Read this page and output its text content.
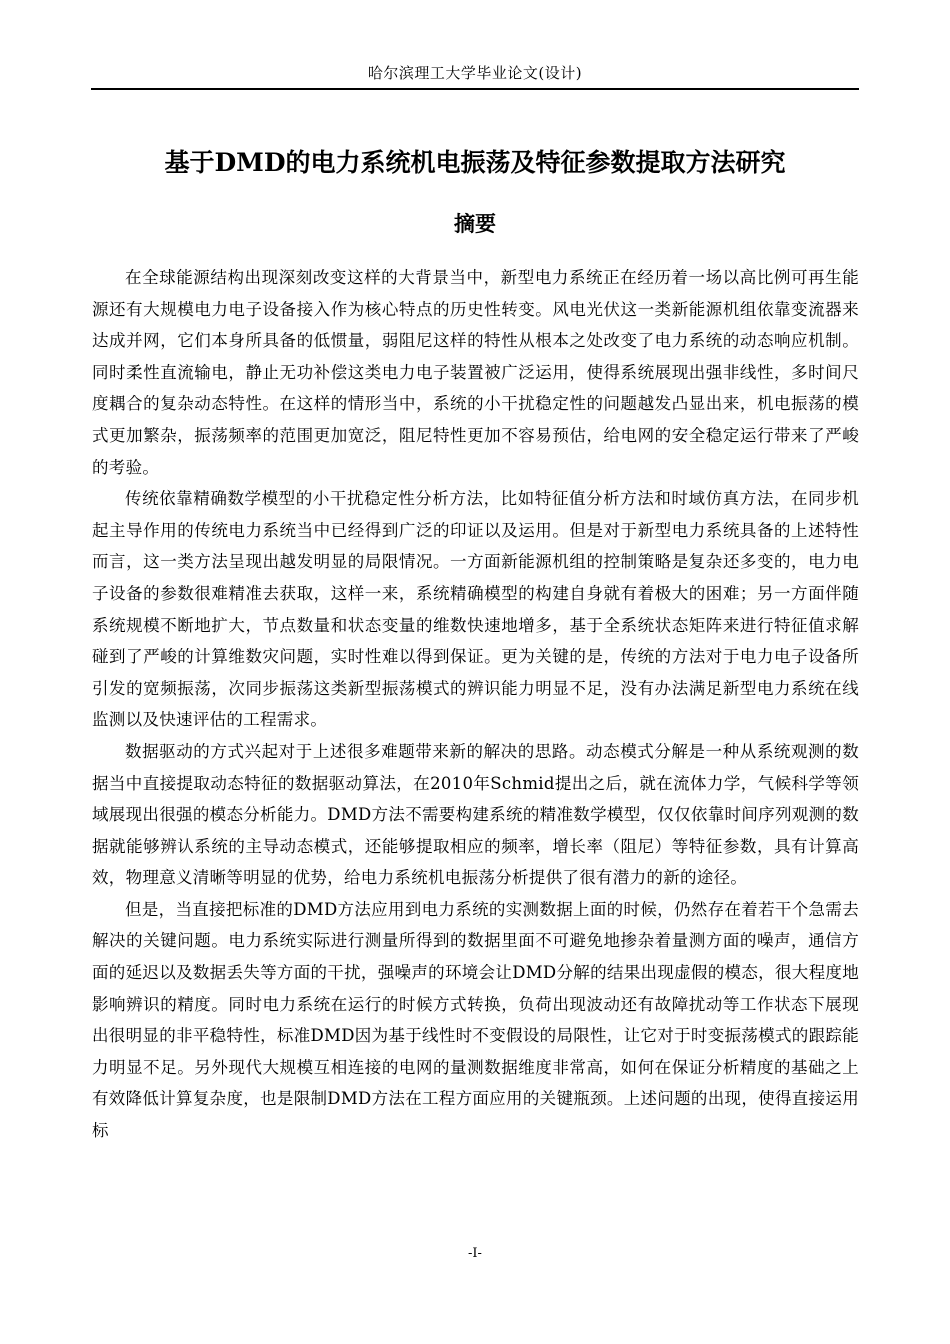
哈尔滨理工大学毕业论文(设计)
基于DMD的电力系统机电振荡及特征参数提取方法研究
摘要

在全球能源结构出现深刻改变这样的大背景当中，新型电力系统正在经历着一场以高比例可再生能源还有大规模电力电子设备接入作为核心特点的历史性转变。风电光伏这一类新能源机组依靠变流器来达成并网，它们本身所具备的低惯量，弱阻尼这样的特性从根本之处改变了电力系统的动态响应机制。同时柔性直流输电，静止无功补偿这类电力电子装置被广泛运用，使得系统展现出强非线性，多时间尺度耦合的复杂动态特性。在这样的情形当中，系统的小干扰稳定性的问题越发凸显出来，机电振荡的模式更加繁杂，振荡频率的范围更加宽泛，阻尼特性更加不容易预估，给电网的安全稳定运行带来了严峻的考验。

传统依靠精确数学模型的小干扰稳定性分析方法，比如特征值分析方法和时域仿真方法，在同步机起主导作用的传统电力系统当中已经得到广泛的印证以及运用。但是对于新型电力系统具备的上述特性而言，这一类方法呈现出越发明显的局限情况。一方面新能源机组的控制策略是复杂还多变的，电力电子设备的参数很难精准去获取，这样一来，系统精确模型的构建自身就有着极大的困难；另一方面伴随系统规模不断地扩大，节点数量和状态变量的维数快速地增多，基于全系统状态矩阵来进行特征值求解碰到了严峻的计算维数灾问题，实时性难以得到保证。更为关键的是，传统的方法对于电力电子设备所引发的宽频振荡，次同步振荡这类新型振荡模式的辨识能力明显不足，没有办法满足新型电力系统在线监测以及快速评估的工程需求。

数据驱动的方式兴起对于上述很多难题带来新的解决的思路。动态模式分解是一种从系统观测的数据当中直接提取动态特征的数据驱动算法，在2010年Schmid提出之后，就在流体力学，气候科学等领域展现出很强的模态分析能力。DMD方法不需要构建系统的精准数学模型，仅仅依靠时间序列观测的数据就能够辨认系统的主导动态模式，还能够提取相应的频率，增长率（阻尼）等特征参数，具有计算高效，物理意义清晰等明显的优势，给电力系统机电振荡分析提供了很有潜力的新的途径。

但是，当直接把标准的DMD方法应用到电力系统的实测数据上面的时候，仍然存在着若干个急需去解决的关键问题。电力系统实际进行测量所得到的数据里面不可避免地掺杂着量测方面的噪声，通信方面的延迟以及数据丢失等方面的干扰，强噪声的环境会让DMD分解的结果出现虚假的模态，很大程度地影响辨识的精度。同时电力系统在运行的时候方式转换，负荷出现波动还有故障扰动等工作状态下展现出很明显的非平稳特性，标准DMD因为基于线性时不变假设的局限性，让它对于时变振荡模式的跟踪能力明显不足。另外现代大规模互相连接的电网的量测数据维度非常高，如何在保证分析精度的基础之上有效降低计算复杂度，也是限制DMD方法在工程方面应用的关键瓶颈。上述问题的出现，使得直接运用标

-I-
